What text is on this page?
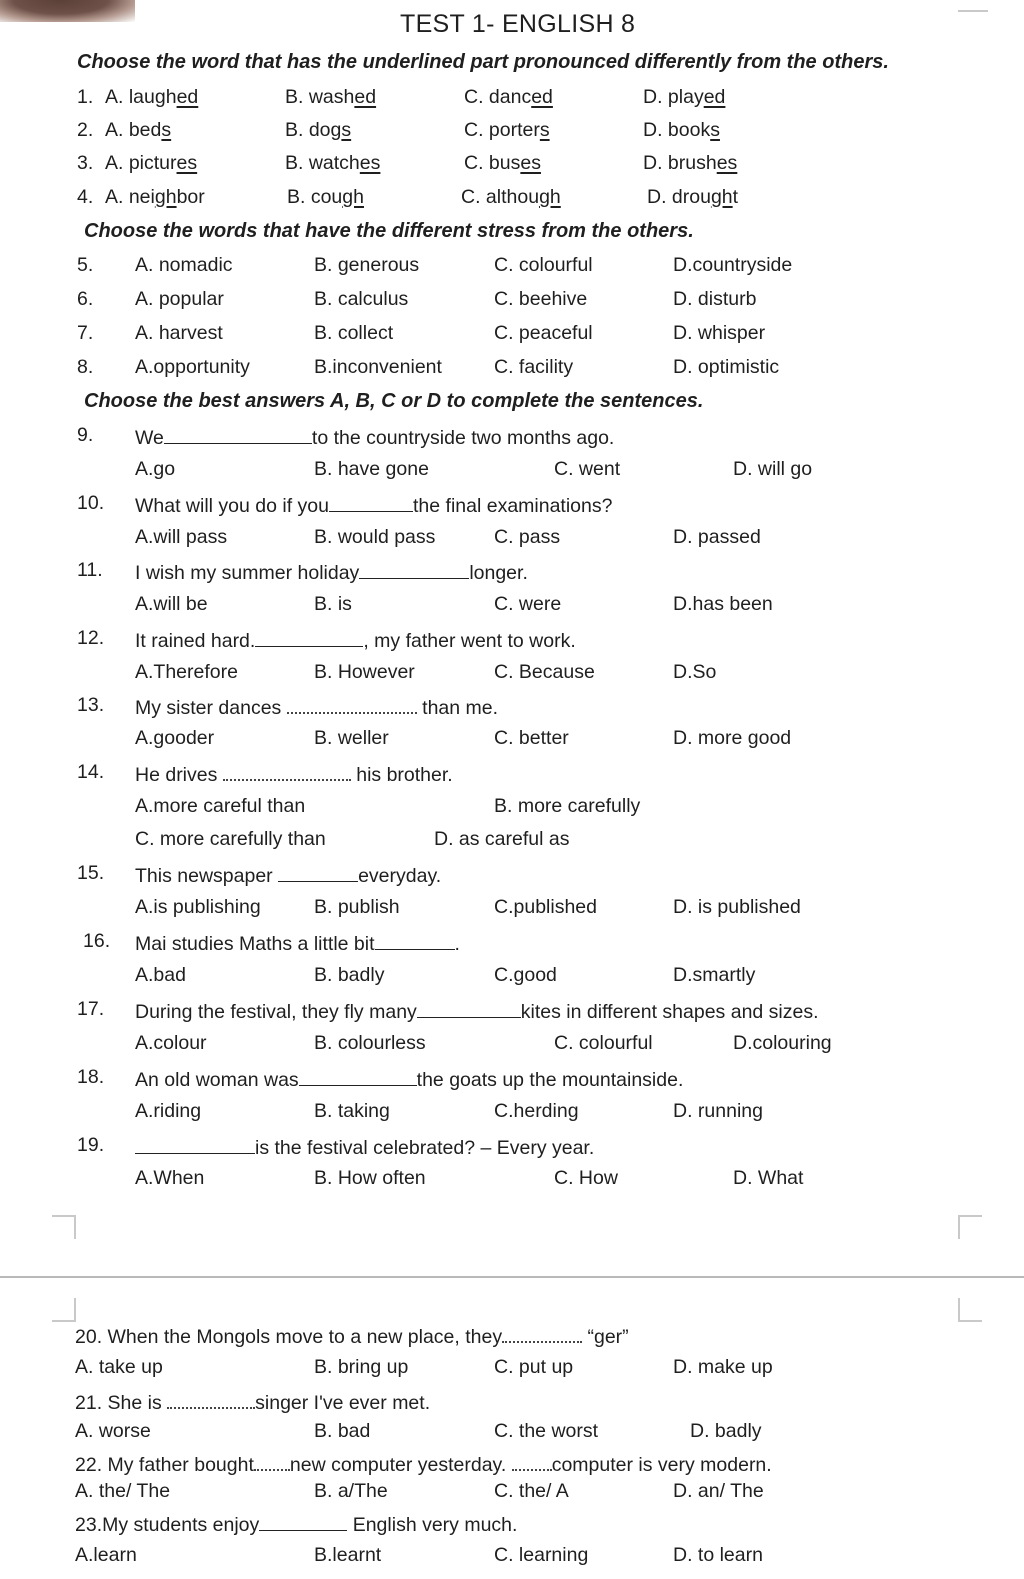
TEST 1- ENGLISH 8
Choose the word that has the underlined part pronounced differently from the others.
1. A. laughed	B. washed	C. danced	D. played
2. A. beds	B. dogs	C. porters	D. books
3. A. pictures	B. watches	C. buses	D. brushes
4. A. neighbor	B. cough	C. although	D. drought
Choose the words that have the different stress from the others.
5. A. nomadic	B. generous	C. colourful	D.countryside
6. A. popular	B. calculus	C. beehive	D. disturb
7. A. harvest	B. collect	C. peaceful	D. whisper
8. A.opportunity	B.inconvenient	C. facility	D. optimistic
Choose the best answers A, B, C or D to complete the sentences.
9. We	to the countryside two months ago.
A.go	B. have gone	C. went	D. will go
10. What will you do if you	the final examinations?
A.will pass	B. would pass	C. pass	D. passed
11. I wish my summer holiday	longer.
A.will be	B. is	C. were	D.has been
12. It rained hard.	, my father went to work.
A.Therefore	B. However	C. Because	D.So
13. My sister dances	than me.
A.gooder	B. weller	C. better	D. more good
14. He drives	his brother.
A.more careful than	B. more carefully
C. more carefully than	D. as careful as
15. This newspaper	everyday.
A.is publishing	B. publish	C.published	D. is published
16. Mai studies Maths a little bit	.
A.bad	B. badly	C.good	D.smartly
17. During the festival, they fly many	kites in different shapes and sizes.
A.colour	B. colourless	C. colourful	D.colouring
18. An old woman was	the goats up the mountainside.
A.riding	B. taking	C.herding	D. running
19.	is the festival celebrated? – Every year.
A.When	B. How often	C. How	D. What
20. When the Mongols move to a new place, they	“ger”
A. take up	B. bring up	C. put up	D. make up
21. She is	singer I've ever met.
A. worse	B. bad	C. the worst	D. badly
22. My father bought new computer yesterday. computer is very modern.
A. the/ The	B. a/The	C. the/ A	D. an/ The
23.My students enjoy	English very much.
A.learn	B.learnt	C. learning	D. to learn
